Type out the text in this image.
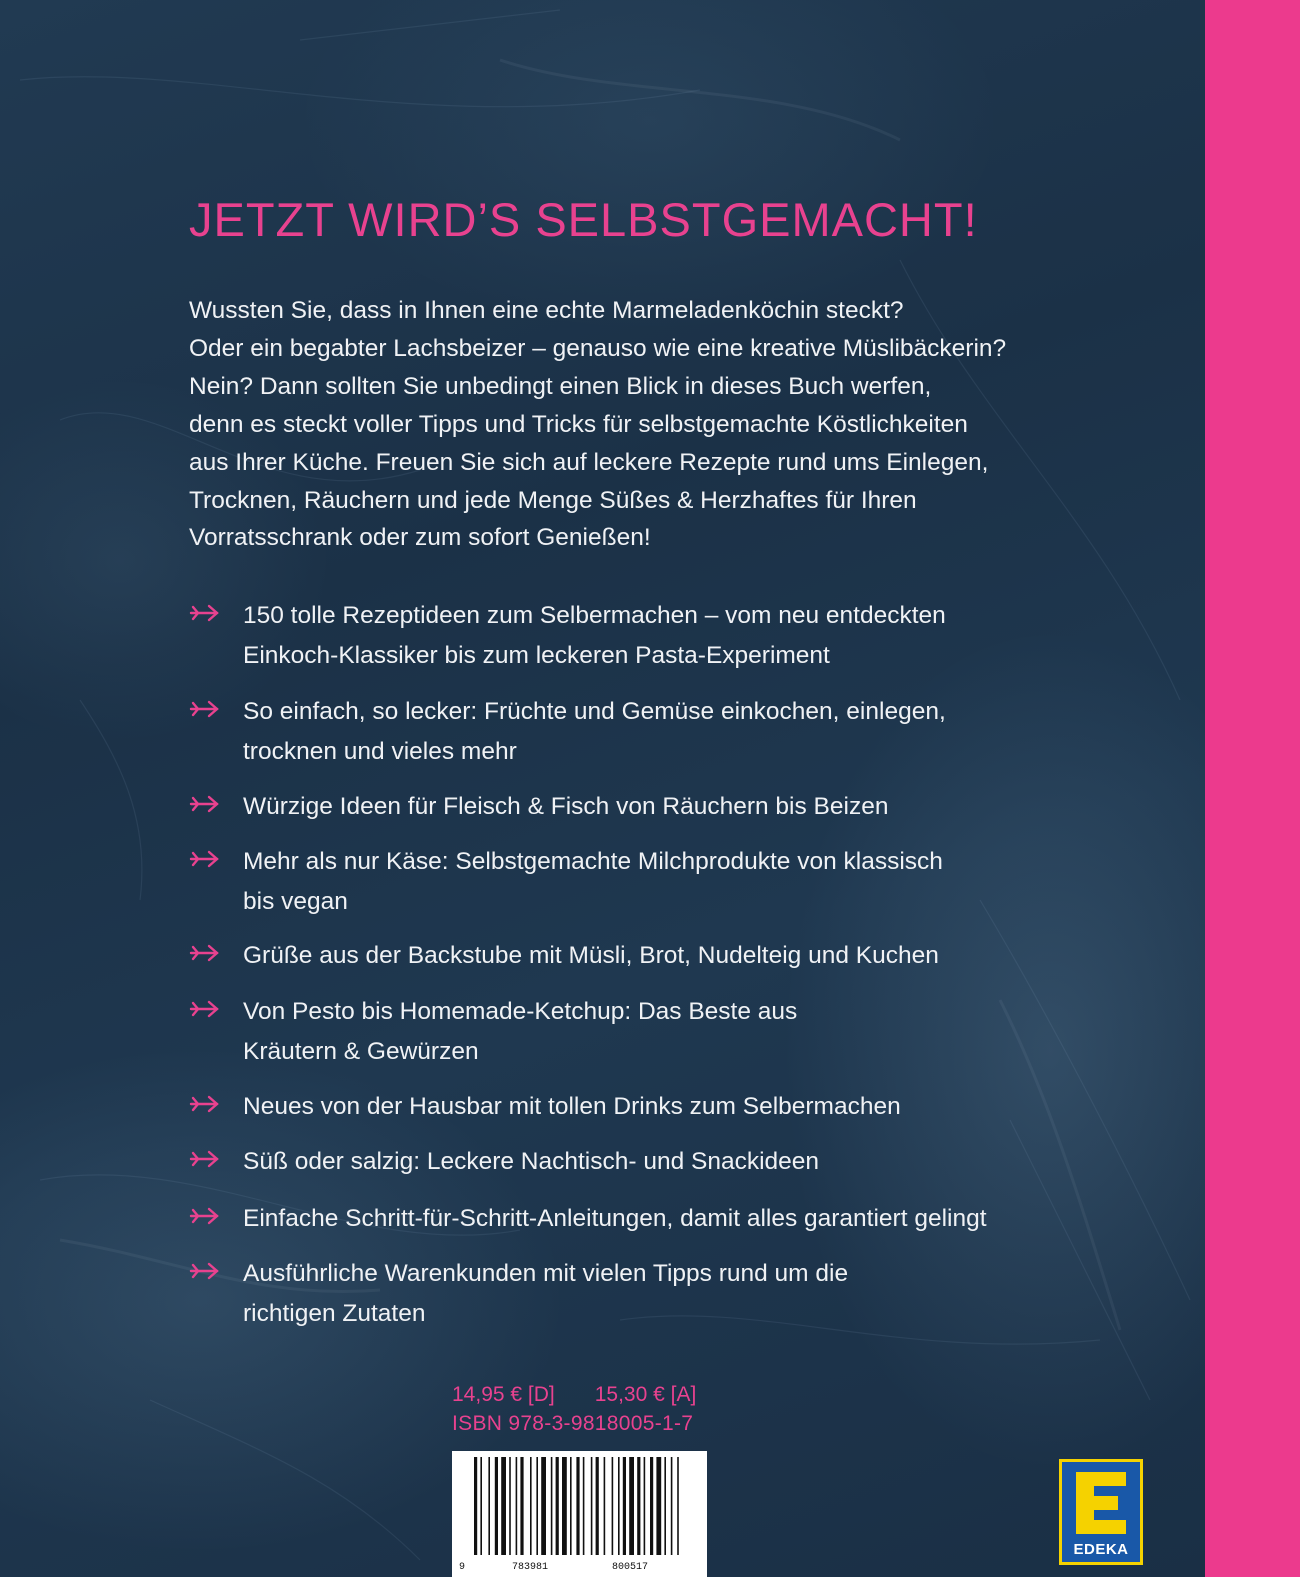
JETZT WIRD’S SELBSTGEMACHT!

Wussten Sie, dass in Ihnen eine echte Marmeladenköchin steckt?
Oder ein begabter Lachsbeizer – genauso wie eine kreative Müslibäckerin?
Nein? Dann sollten Sie unbedingt einen Blick in dieses Buch werfen,
denn es steckt voller Tipps und Tricks für selbstgemachte Köstlichkeiten
aus Ihrer Küche. Freuen Sie sich auf leckere Rezepte rund ums Einlegen,
Trocknen, Räuchern und jede Menge Süßes & Herzhaftes für Ihren
Vorratsschrank oder zum sofort Genießen!

150 tolle Rezeptideen zum Selbermachen – vom neu entdeckten
Einkoch-Klassiker bis zum leckeren Pasta-Experiment
So einfach, so lecker: Früchte und Gemüse einkochen, einlegen,
trocknen und vieles mehr
Würzige Ideen für Fleisch & Fisch von Räuchern bis Beizen
Mehr als nur Käse: Selbstgemachte Milchprodukte von klassisch
bis vegan
Grüße aus der Backstube mit Müsli, Brot, Nudelteig und Kuchen
Von Pesto bis Homemade-Ketchup: Das Beste aus
Kräutern & Gewürzen
Neues von der Hausbar mit tollen Drinks zum Selbermachen
Süß oder salzig: Leckere Nachtisch- und Snackideen
Einfache Schritt-für-Schritt-Anleitungen, damit alles garantiert gelingt
Ausführliche Warenkunden mit vielen Tipps rund um die
richtigen Zutaten
14,95 € [D] 15,30 € [A]
ISBN 978-3-9818005-1-7
9	783981	800517
EDEKA
